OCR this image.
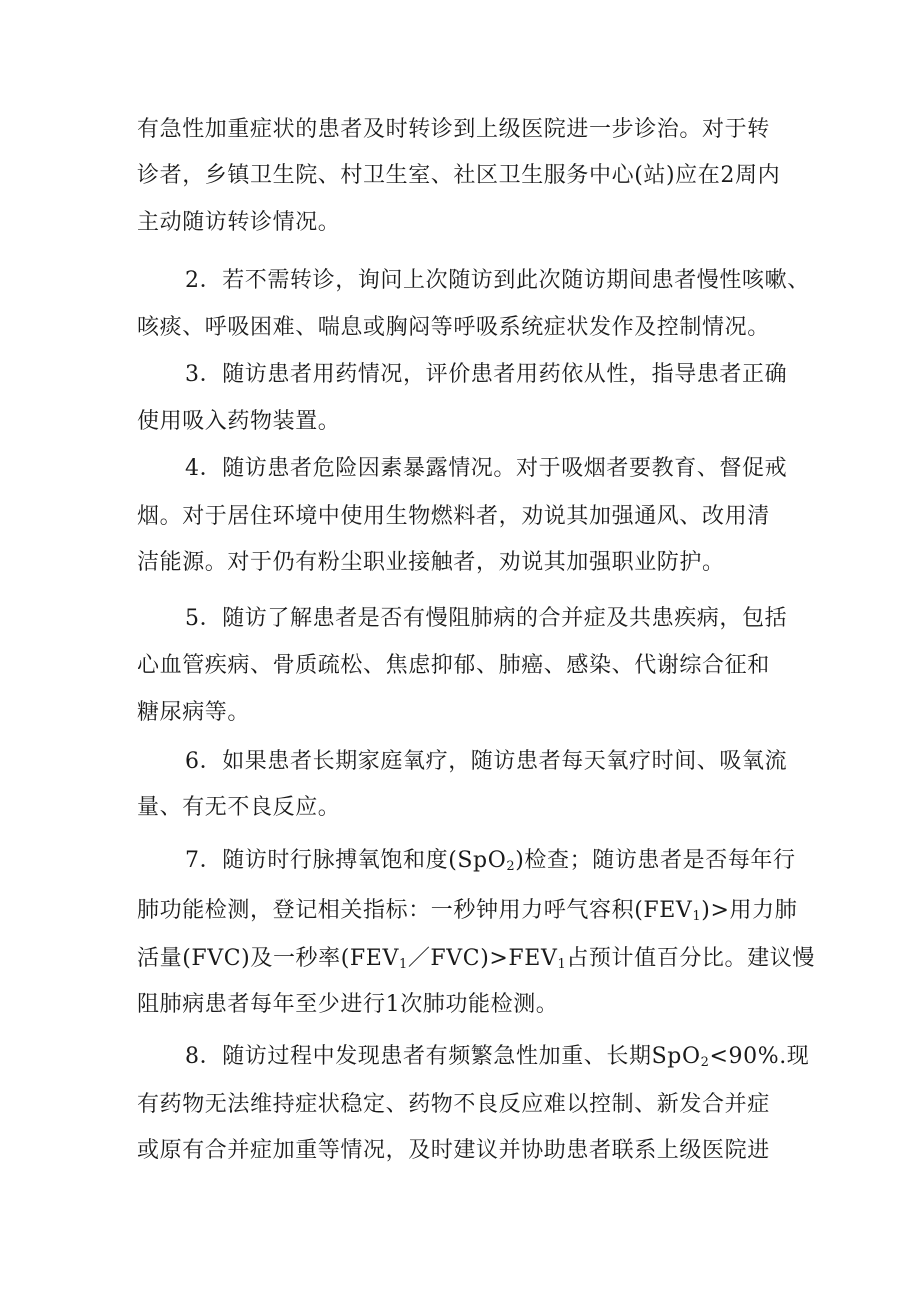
有急性加重症状的患者及时转诊到上级医院进一步诊治。对于转
诊者，乡镇卫生院、村卫生室、社区卫生服务中心(站)应在2周内
主动随访转诊情况。
2．若不需转诊，询问上次随访到此次随访期间患者慢性咳嗽、
咳痰、呼吸困难、喘息或胸闷等呼吸系统症状发作及控制情况。
3．随访患者用药情况，评价患者用药依从性，指导患者正确
使用吸入药物装置。
4．随访患者危险因素暴露情况。对于吸烟者要教育、督促戒
烟。对于居住环境中使用生物燃料者，劝说其加强通风、改用清
洁能源。对于仍有粉尘职业接触者，劝说其加强职业防护。
5．随访了解患者是否有慢阻肺病的合并症及共患疾病，包括
心血管疾病、骨质疏松、焦虑抑郁、肺癌、感染、代谢综合征和
糖尿病等。
6．如果患者长期家庭氧疗，随访患者每天氧疗时间、吸氧流
量、有无不良反应。
7．随访时行脉搏氧饱和度(SpO$_2$)检查；随访患者是否每年行
肺功能检测，登记相关指标：一秒钟用力呼气容积$(FEV_1)>$用力肺
活量(FVC)及一秒率$(FEV_1/FVC)>FEV_1$占预计值百分比。建议慢
阻肺病患者每年至少进行1次肺功能检测。
8．随访过程中发现患者有频繁急性加重、长期SpO$_2$<90%.现
有药物无法维持症状稳定、药物不良反应难以控制、新发合并症
或原有合并症加重等情况，及时建议并协助患者联系上级医院进
